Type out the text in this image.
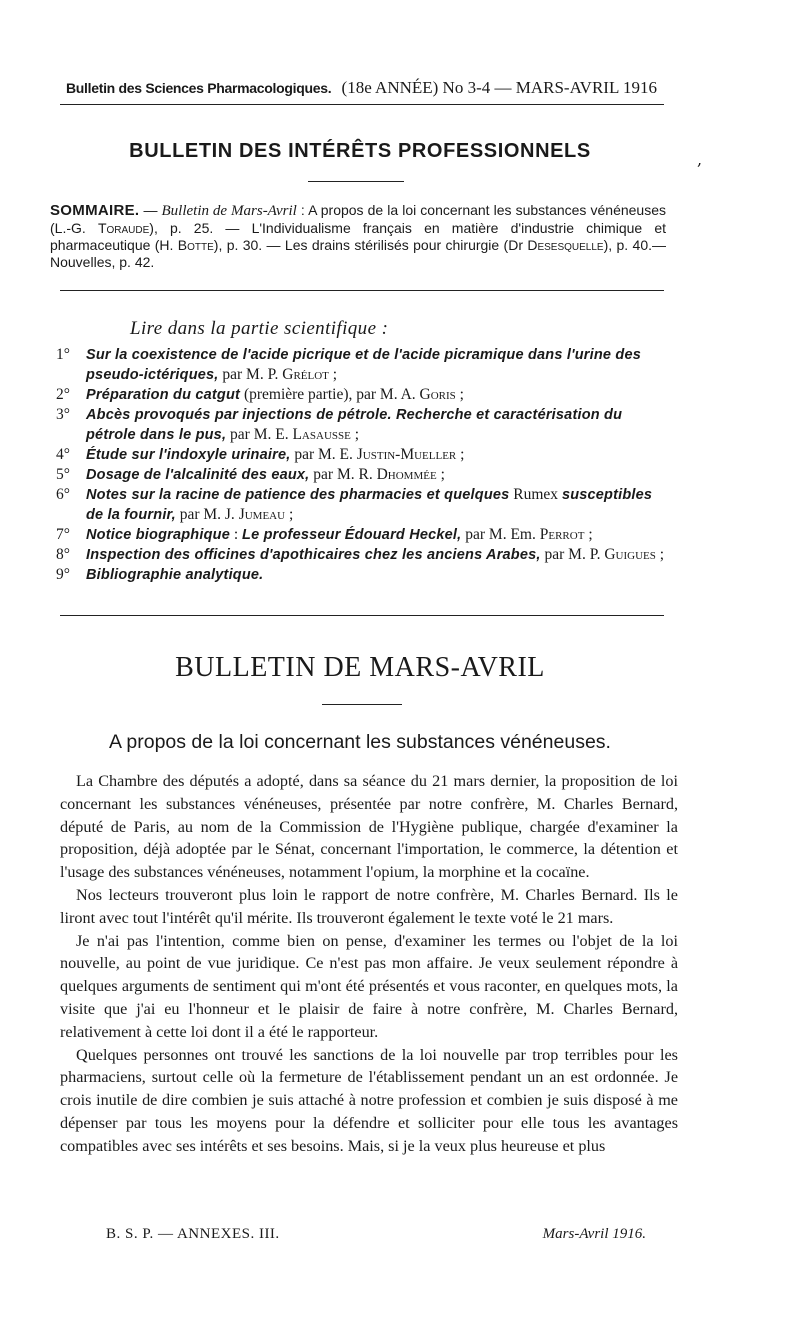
Bulletin des Sciences Pharmacologiques. (18e ANNÉE) No 3-4 — MARS-AVRIL 1916
BULLETIN DES INTÉRÊTS PROFESSIONNELS	,
SOMMAIRE. — Bulletin de Mars-Avril : A propos de la loi concernant les substances vénéneuses (L.-G. Toraude), p. 25. — L'Individualisme français en matière d'industrie chimique et pharmaceutique (H. Botte), p. 30. — Les drains stérilisés pour chirurgie (Dr Desesquelle), p. 40.— Nouvelles, p. 42.
Lire dans la partie scientifique :
1° Sur la coexistence de l'acide picrique et de l'acide picramique dans l'urine des pseudo-ictériques, par M. P. Grélot ;
2° Préparation du catgut (première partie), par M. A. Goris ;
3° Abcès provoqués par injections de pétrole. Recherche et caractérisation du pétrole dans le pus, par M. E. Lasausse ;
4° Étude sur l'indoxyle urinaire, par M. E. Justin-Mueller ;
5° Dosage de l'alcalinité des eaux, par M. R. Dhommée ;
6° Notes sur la racine de patience des pharmacies et quelques Rumex susceptibles de la fournir, par M. J. Jumeau ;
7° Notice biographique : Le professeur Édouard Heckel, par M. Em. Perrot ;
8° Inspection des officines d'apothicaires chez les anciens Arabes, par M. P. Guigues ;
9° Bibliographie analytique.
BULLETIN DE MARS-AVRIL
A propos de la loi concernant les substances vénéneuses.

La Chambre des députés a adopté, dans sa séance du 21 mars dernier, la proposition de loi concernant les substances vénéneuses, présentée par notre confrère, M. Charles Bernard, député de Paris, au nom de la Commission de l'Hygiène publique, chargée d'examiner la proposition, déjà adoptée par le Sénat, concernant l'importation, le commerce, la détention et l'usage des substances vénéneuses, notamment l'opium, la morphine et la cocaïne.

Nos lecteurs trouveront plus loin le rapport de notre confrère, M. Charles Bernard. Ils le liront avec tout l'intérêt qu'il mérite. Ils trouveront également le texte voté le 21 mars.

Je n'ai pas l'intention, comme bien on pense, d'examiner les termes ou l'objet de la loi nouvelle, au point de vue juridique. Ce n'est pas mon affaire. Je veux seulement répondre à quelques arguments de sentiment qui m'ont été présentés et vous raconter, en quelques mots, la visite que j'ai eu l'honneur et le plaisir de faire à notre confrère, M. Charles Bernard, relativement à cette loi dont il a été le rapporteur.

Quelques personnes ont trouvé les sanctions de la loi nouvelle par trop terribles pour les pharmaciens, surtout celle où la fermeture de l'établissement pendant un an est ordonnée. Je crois inutile de dire combien je suis attaché à notre profession et combien je suis disposé à me dépenser par tous les moyens pour la défendre et solliciter pour elle tous les avantages compatibles avec ses intérêts et ses besoins. Mais, si je la veux plus heureuse et plus

B. S. P. — ANNEXES. III.	Mars-Avril 1916.
